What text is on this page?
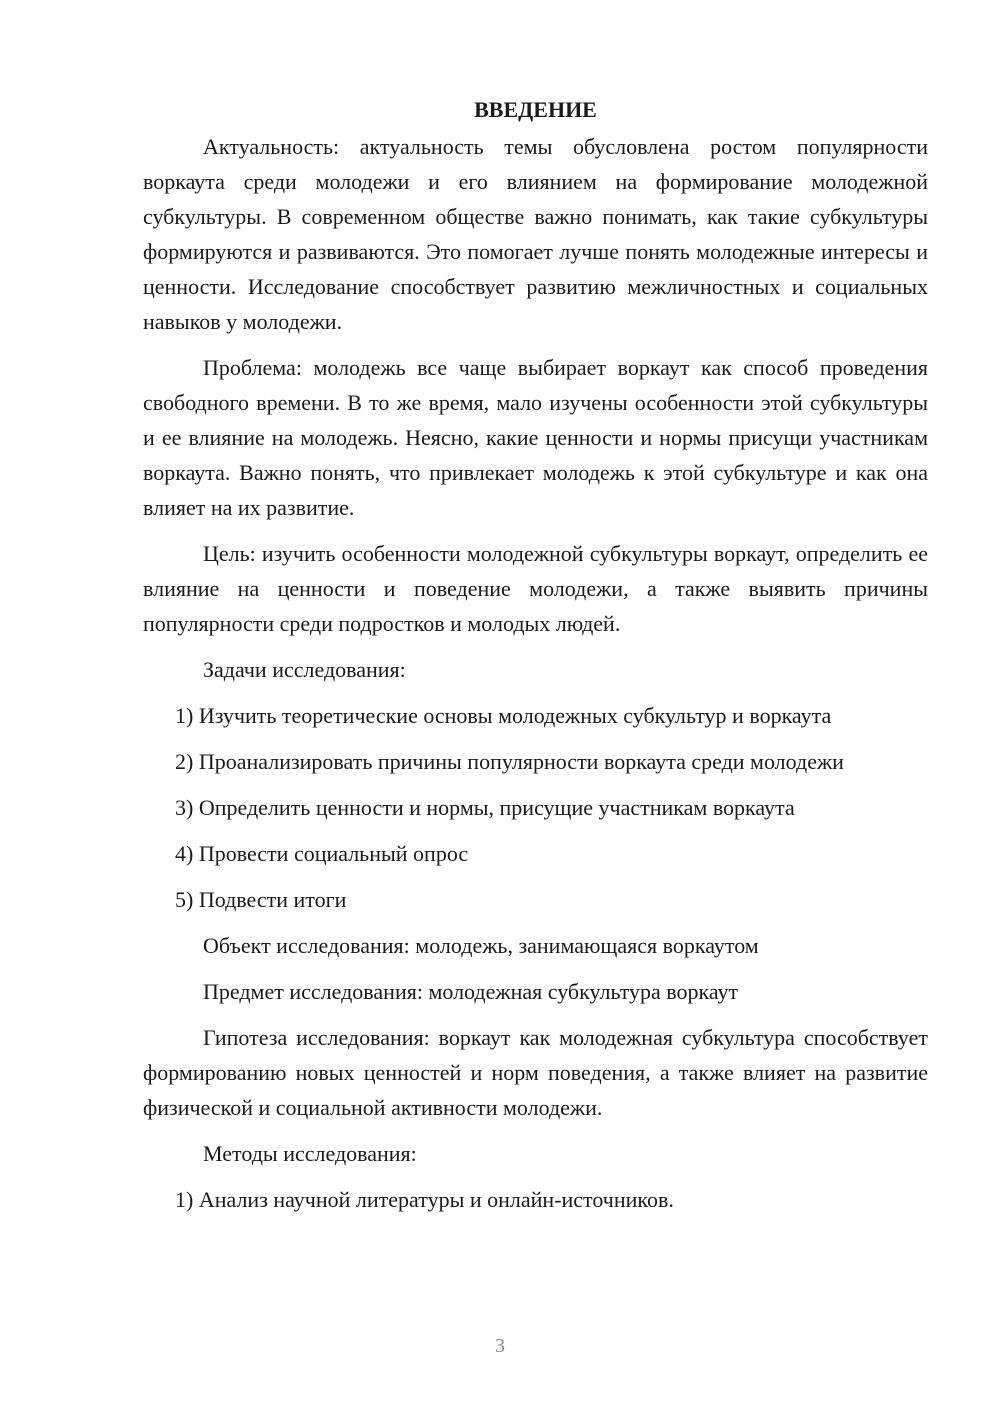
ВВЕДЕНИЕ

Актуальность: актуальность темы обусловлена ростом популярности воркаута среди молодежи и его влиянием на формирование молодежной субкультуры. В современном обществе важно понимать, как такие субкультуры формируются и развиваются. Это помогает лучше понять молодежные интересы и ценности. Исследование способствует развитию межличностных и социальных навыков у молодежи.

Проблема: молодежь все чаще выбирает воркаут как способ проведения свободного времени. В то же время, мало изучены особенности этой субкультуры и ее влияние на молодежь. Неясно, какие ценности и нормы присущи участникам воркаута. Важно понять, что привлекает молодежь к этой субкультуре и как она влияет на их развитие.

Цель: изучить особенности молодежной субкультуры воркаут, определить ее влияние на ценности и поведение молодежи, а также выявить причины популярности среди подростков и молодых людей.

Задачи исследования:

1) Изучить теоретические основы молодежных субкультур и воркаута

2) Проанализировать причины популярности воркаута среди молодежи

3) Определить ценности и нормы, присущие участникам воркаута

4) Провести социальный опрос

5) Подвести итоги

Объект исследования: молодежь, занимающаяся воркаутом

Предмет исследования: молодежная субкультура воркаут

Гипотеза исследования: воркаут как молодежная субкультура способствует формированию новых ценностей и норм поведения, а также влияет на развитие физической и социальной активности молодежи.

Методы исследования:

1) Анализ научной литературы и онлайн-источников.

3
